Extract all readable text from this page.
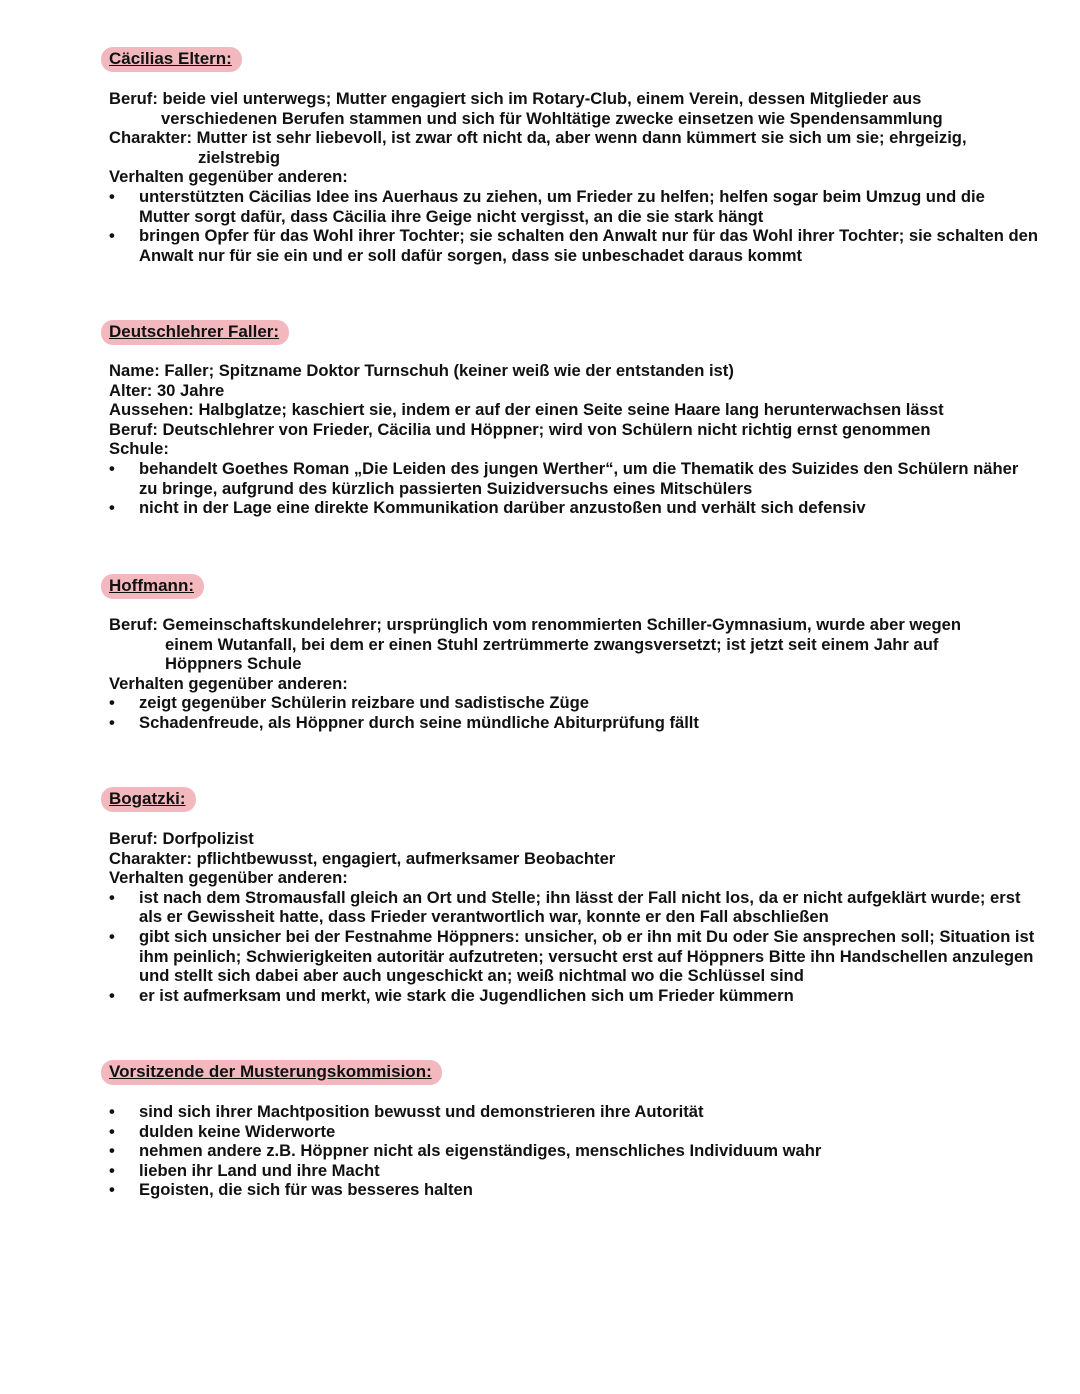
Cäcilias Eltern:

Beruf: beide viel unterwegs; Mutter engagiert sich im Rotary-Club, einem Verein, dessen Mitglieder aus

verschiedenen Berufen stammen und sich für Wohltätige zwecke einsetzen wie Spendensammlung

Charakter: Mutter ist sehr liebevoll, ist zwar oft nicht da, aber wenn dann kümmert sie sich um sie; ehrgeizig,

zielstrebig

Verhalten gegenüber anderen:

• unterstützten Cäcilias Idee ins Auerhaus zu ziehen, um Frieder zu helfen; helfen sogar beim Umzug und die Mutter sorgt dafür, dass Cäcilia ihre Geige nicht vergisst, an die sie stark hängt
• bringen Opfer für das Wohl ihrer Tochter; sie schalten den Anwalt nur für das Wohl ihrer Tochter; sie schalten den Anwalt nur für sie ein und er soll dafür sorgen, dass sie unbeschadet daraus kommt
Deutschlehrer Faller:

Name: Faller; Spitzname Doktor Turnschuh (keiner weiß wie der entstanden ist)

Alter: 30 Jahre

Aussehen: Halbglatze; kaschiert sie, indem er auf der einen Seite seine Haare lang herunterwachsen lässt

Beruf: Deutschlehrer von Frieder, Cäcilia und Höppner; wird von Schülern nicht richtig ernst genommen

Schule:

• behandelt Goethes Roman „Die Leiden des jungen Werther“, um die Thematik des Suizides den Schülern näher zu bringe, aufgrund des kürzlich passierten Suizidversuchs eines Mitschülers
• nicht in der Lage eine direkte Kommunikation darüber anzustoßen und verhält sich defensiv
Hoffmann:

Beruf: Gemeinschaftskundelehrer; ursprünglich vom renommierten Schiller-Gymnasium, wurde aber wegen

einem Wutanfall, bei dem er einen Stuhl zertrümmerte zwangsversetzt; ist jetzt seit einem Jahr auf

Höppners Schule

Verhalten gegenüber anderen:

• zeigt gegenüber Schülerin reizbare und sadistische Züge
• Schadenfreude, als Höppner durch seine mündliche Abiturprüfung fällt
Bogatzki:

Beruf: Dorfpolizist

Charakter: pflichtbewusst, engagiert, aufmerksamer Beobachter

Verhalten gegenüber anderen:

• ist nach dem Stromausfall gleich an Ort und Stelle; ihn lässt der Fall nicht los, da er nicht aufgeklärt wurde; erst als er Gewissheit hatte, dass Frieder verantwortlich war, konnte er den Fall abschließen
• gibt sich unsicher bei der Festnahme Höppners: unsicher, ob er ihn mit Du oder Sie ansprechen soll; Situation ist ihm peinlich; Schwierigkeiten autoritär aufzutreten; versucht erst auf Höppners Bitte ihn Handschellen anzulegen und stellt sich dabei aber auch ungeschickt an; weiß nichtmal wo die Schlüssel sind
• er ist aufmerksam und merkt, wie stark die Jugendlichen sich um Frieder kümmern
Vorsitzende der Musterungskommision:
• sind sich ihrer Machtposition bewusst und demonstrieren ihre Autorität
• dulden keine Widerworte
• nehmen andere z.B. Höppner nicht als eigenständiges, menschliches Individuum wahr
• lieben ihr Land und ihre Macht
• Egoisten, die sich für was besseres halten
